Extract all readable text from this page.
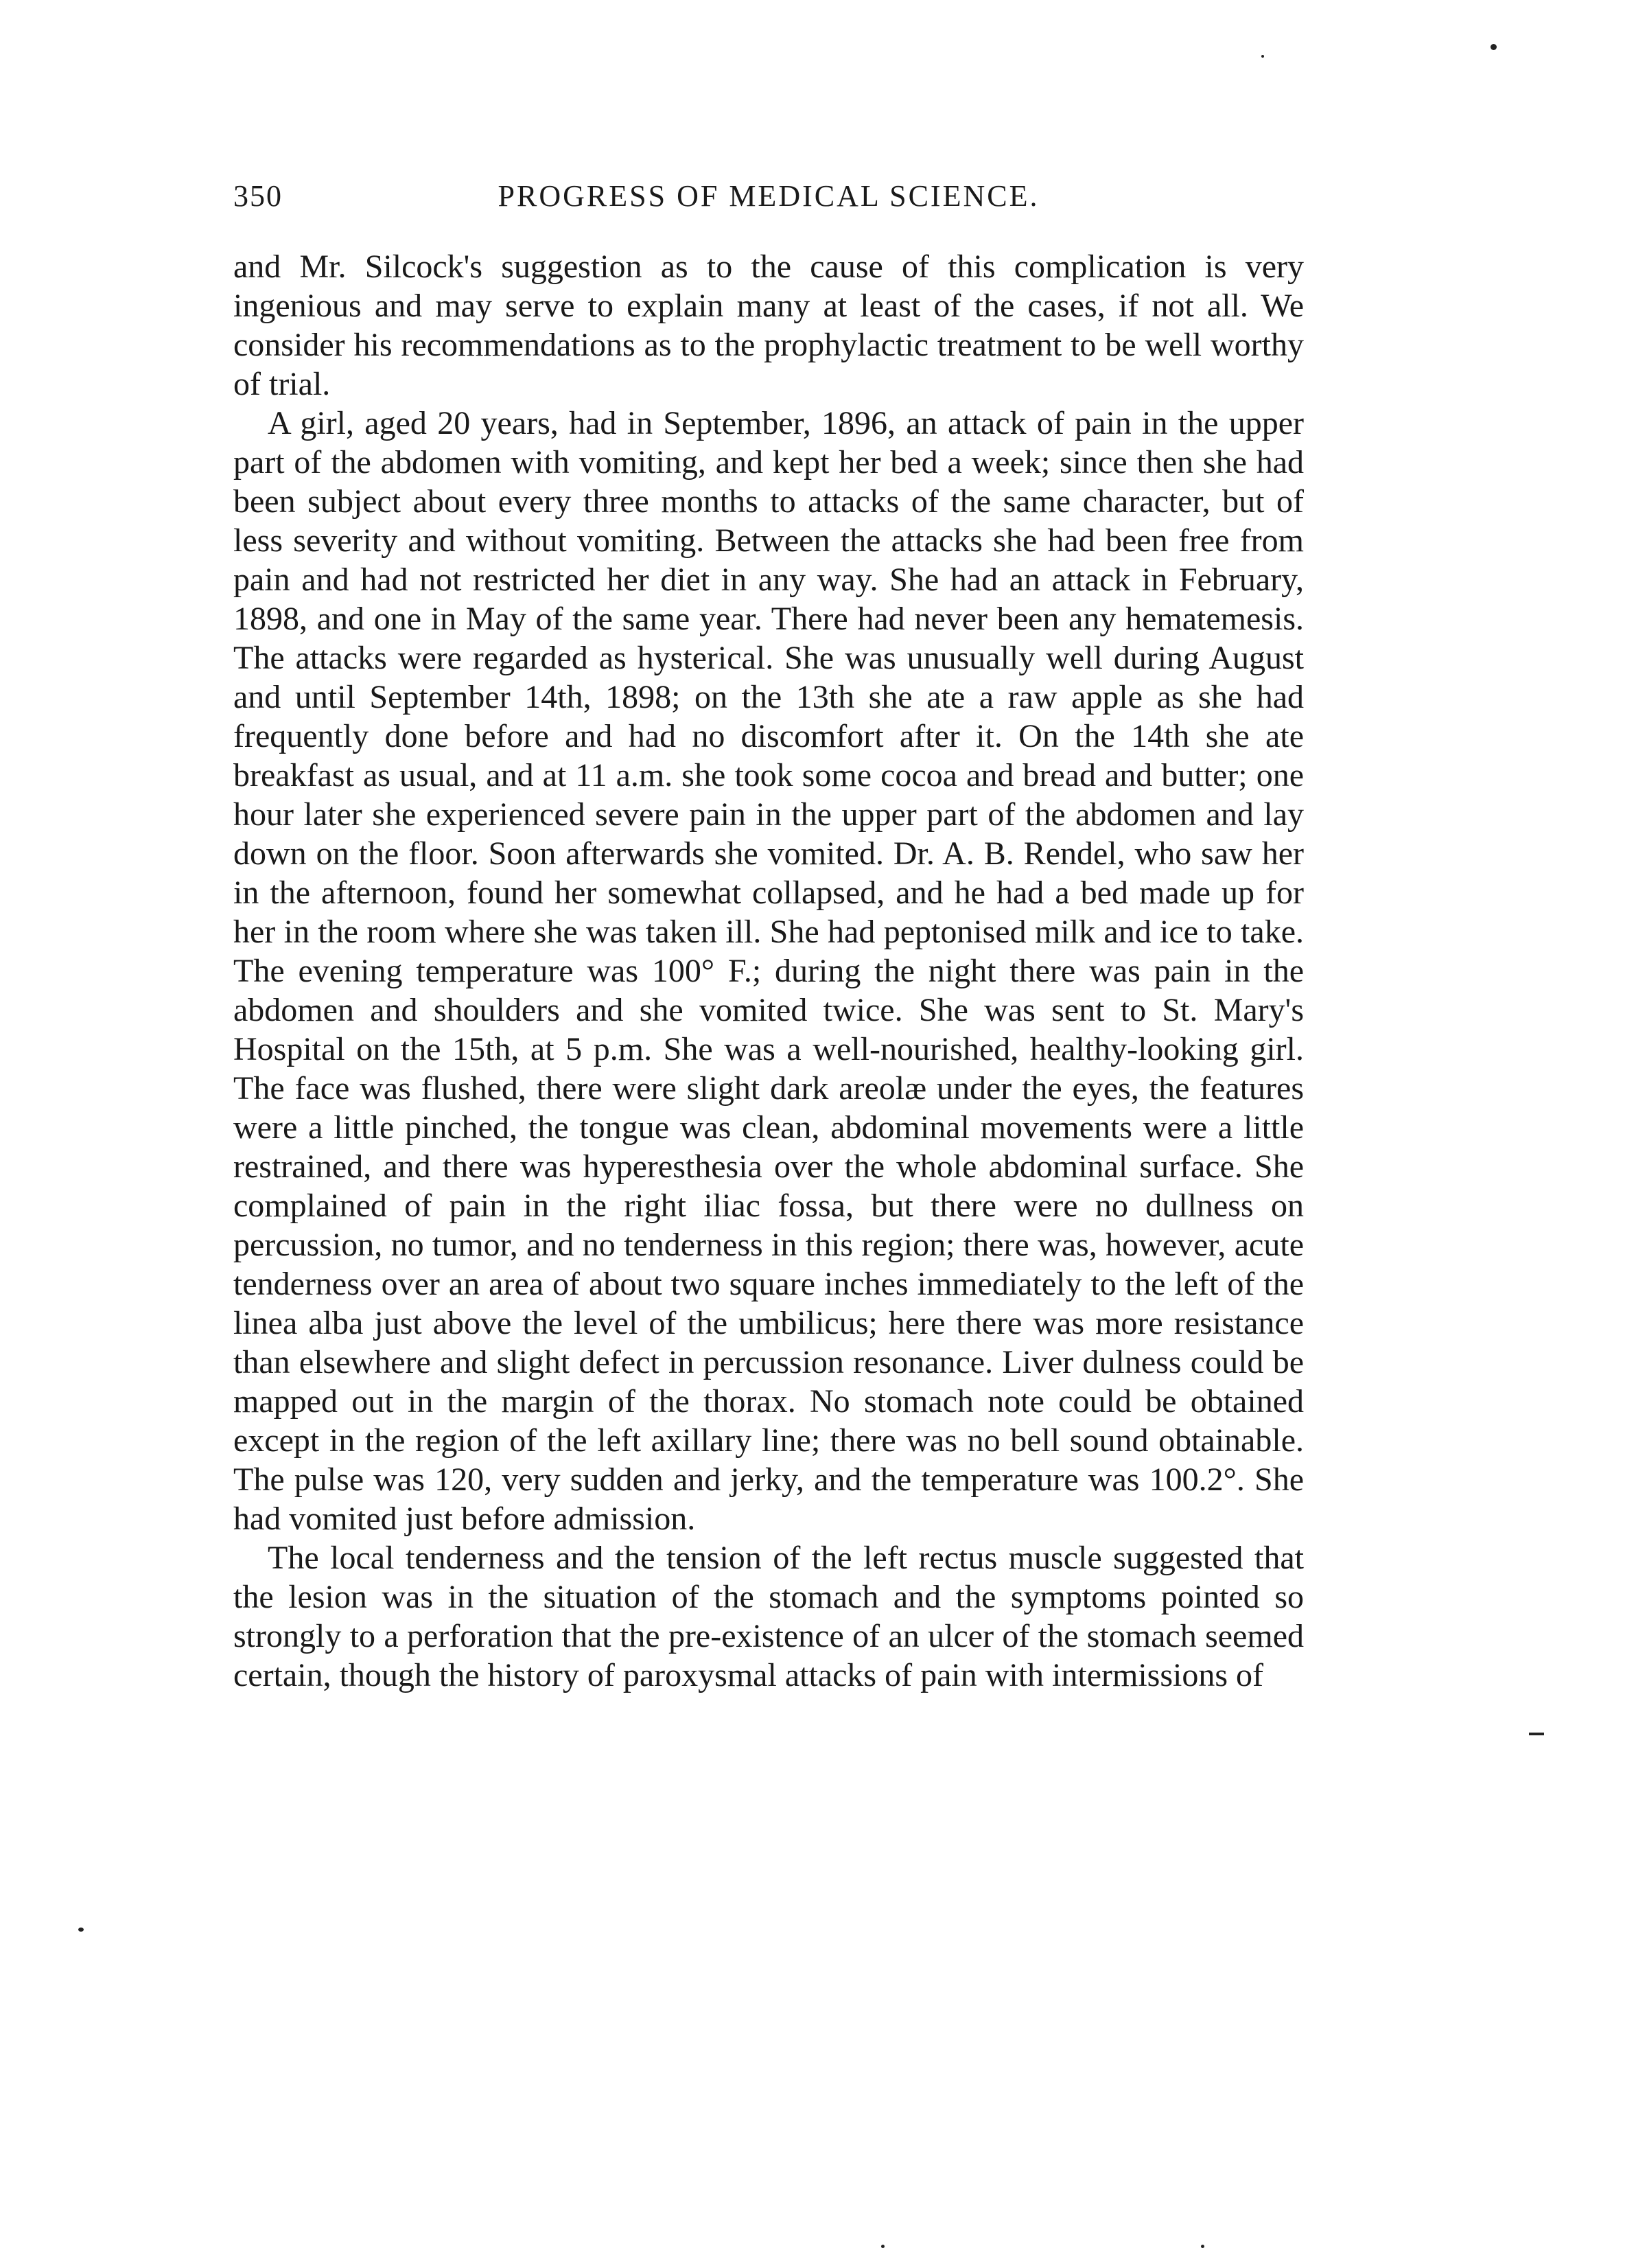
350	PROGRESS OF MEDICAL SCIENCE.

and Mr. Silcock's suggestion as to the cause of this complication is very ingenious and may serve to explain many at least of the cases, if not all. We consider his recommendations as to the prophylactic treatment to be well worthy of trial.

A girl, aged 20 years, had in September, 1896, an attack of pain in the upper part of the abdomen with vomiting, and kept her bed a week; since then she had been subject about every three months to attacks of the same character, but of less severity and without vomiting. Between the attacks she had been free from pain and had not restricted her diet in any way. She had an attack in February, 1898, and one in May of the same year. There had never been any hematemesis. The attacks were regarded as hysterical. She was unusually well during August and until September 14th, 1898; on the 13th she ate a raw apple as she had frequently done before and had no discomfort after it. On the 14th she ate breakfast as usual, and at 11 a.m. she took some cocoa and bread and butter; one hour later she experienced severe pain in the upper part of the abdomen and lay down on the floor. Soon afterwards she vomited. Dr. A. B. Rendel, who saw her in the afternoon, found her somewhat collapsed, and he had a bed made up for her in the room where she was taken ill. She had peptonised milk and ice to take. The evening temperature was 100° F.; during the night there was pain in the abdomen and shoulders and she vomited twice. She was sent to St. Mary's Hospital on the 15th, at 5 p.m. She was a well-nourished, healthy-looking girl. The face was flushed, there were slight dark areolæ under the eyes, the features were a little pinched, the tongue was clean, abdominal movements were a little restrained, and there was hyperesthesia over the whole abdominal surface. She complained of pain in the right iliac fossa, but there were no dullness on percussion, no tumor, and no tenderness in this region; there was, however, acute tenderness over an area of about two square inches immediately to the left of the linea alba just above the level of the umbilicus; here there was more resistance than elsewhere and slight defect in percussion resonance. Liver dulness could be mapped out in the margin of the thorax. No stomach note could be obtained except in the region of the left axillary line; there was no bell sound obtainable. The pulse was 120, very sudden and jerky, and the temperature was 100.2°. She had vomited just before admission.

The local tenderness and the tension of the left rectus muscle suggested that the lesion was in the situation of the stomach and the symptoms pointed so strongly to a perforation that the pre-existence of an ulcer of the stomach seemed certain, though the history of paroxysmal attacks of pain with intermissions of
